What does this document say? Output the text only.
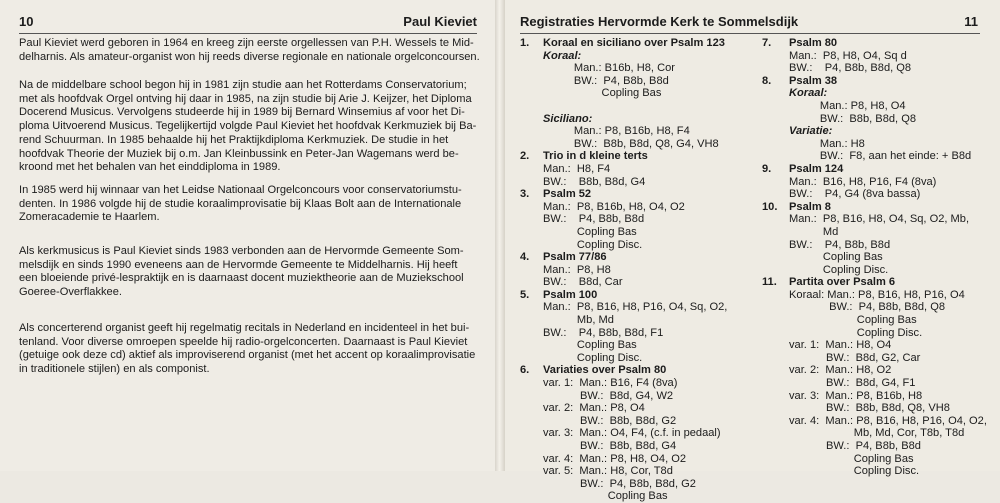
10	Paul Kieviet
Paul Kieviet werd geboren in 1964 en kreeg zijn eerste orgellessen van P.H. Wessels te Mid-
delharnis. Als amateur-organist won hij reeds diverse regionale en nationale orgelconcoursen.
Na de middelbare school begon hij in 1981 zijn studie aan het Rotterdams Conservatorium;
met als hoofdvak Orgel ontving hij daar in 1985, na zijn studie bij Arie J. Keijzer, het Diploma
Docerend Musicus. Vervolgens studeerde hij in 1989 bij Bernard Winsemius af voor het Di-
ploma Uitvoerend Musicus. Tegelijkertijd volgde Paul Kieviet het hoofdvak Kerkmuziek bij Ba-
rend Schuurman. In 1985 behaalde hij het Praktijkdiploma Kerkmuziek. De studie in het
hoofdvak Theorie der Muziek bij o.m. Jan Kleinbussink en Peter-Jan Wagemans werd be-
kroond met het behalen van het einddiploma in 1989.
In 1985 werd hij winnaar van het Leidse Nationaal Orgelconcours voor conservatoriumstu-
denten. In 1986 volgde hij de studie koraalimprovisatie bij Klaas Bolt aan de Internationale
Zomeracademie te Haarlem.
Als kerkmusicus is Paul Kieviet sinds 1983 verbonden aan de Hervormde Gemeente Som-
melsdijk en sinds 1990 eveneens aan de Hervormde Gemeente te Middelharnis. Hij heeft
een bloeiende privé-lespraktijk en is daarnaast docent muziektheorie aan de Muziekschool
Goeree-Overflakkee.
Als concerterend organist geeft hij regelmatig recitals in Nederland en incidenteel in het bui-
tenland. Voor diverse omroepen speelde hij radio-orgelconcerten. Daarnaast is Paul Kieviet
(getuige ook deze cd) aktief als improviserend organist (met het accent op koraalimprovisatie
in traditionele stijlen) en als componist.
Registraties Hervormde Kerk te Sommelsdijk	11
1. Koraal en siciliano over Psalm 123
Koraal:
Man.: B16b, H8, Cor
BW.:  P4, B8b, B8d
Copling Bas

Siciliano:
Man.: P8, B16b, H8, F4
BW.:  B8b, B8d, Q8, G4, VH8
2. Trio in d kleine terts
Man.:  H8, F4
BW.:    B8b, B8d, G4
3. Psalm 52
Man.:  P8, B16b, H8, O4, O2
BW.:    P4, B8b, B8d
Copling Bas
Copling Disc.
4. Psalm 77/86
Man.:  P8, H8
BW.:    B8d, Car
5. Psalm 100
Man.:  P8, B16, H8, P16, O4, Sq, O2,
Mb, Md
BW.:    P4, B8b, B8d, F1
Copling Bas
Copling Disc.
6. Variaties over Psalm 80
var. 1:  Man.: B16, F4 (8va)
BW.:  B8d, G4, W2
var. 2:  Man.: P8, O4
BW.:  B8b, B8d, G2
var. 3:  Man.: O4, F4, (c.f. in pedaal)
BW.:  B8b, B8d, G4
var. 4:  Man.: P8, H8, O4, O2
var. 5:  Man.: H8, Cor, T8d
BW.:  P4, B8b, B8d, G2
Copling Bas
7. Psalm 80
Man.:  P8, H8, O4, Sq d
BW.:    P4, B8b, B8d, Q8
8. Psalm 38
Koraal:
Man.: P8, H8, O4
BW.:  B8b, B8d, Q8
Variatie:
Man.: H8
BW.:  F8, aan het einde: + B8d
9. Psalm 124
Man.:  B16, H8, P16, F4 (8va)
BW.:    P4, G4 (8va bassa)
10. Psalm 8
Man.:  P8, B16, H8, O4, Sq, O2, Mb,
Md
BW.:    P4, B8b, B8d
Copling Bas
Copling Disc.
11. Partita over Psalm 6
Koraal: Man.: P8, B16, H8, P16, O4
BW.:  P4, B8b, B8d, Q8
Copling Bas
Copling Disc.
var. 1:  Man.: H8, O4
BW.:  B8d, G2, Car
var. 2:  Man.: H8, O2
BW.:  B8d, G4, F1
var. 3:  Man.: P8, B16b, H8
BW.:  B8b, B8d, Q8, VH8
var. 4:  Man.: P8, B16, H8, P16, O4, O2,
Mb, Md, Cor, T8b, T8d
BW.:  P4, B8b, B8d
Copling Bas
Copling Disc.
